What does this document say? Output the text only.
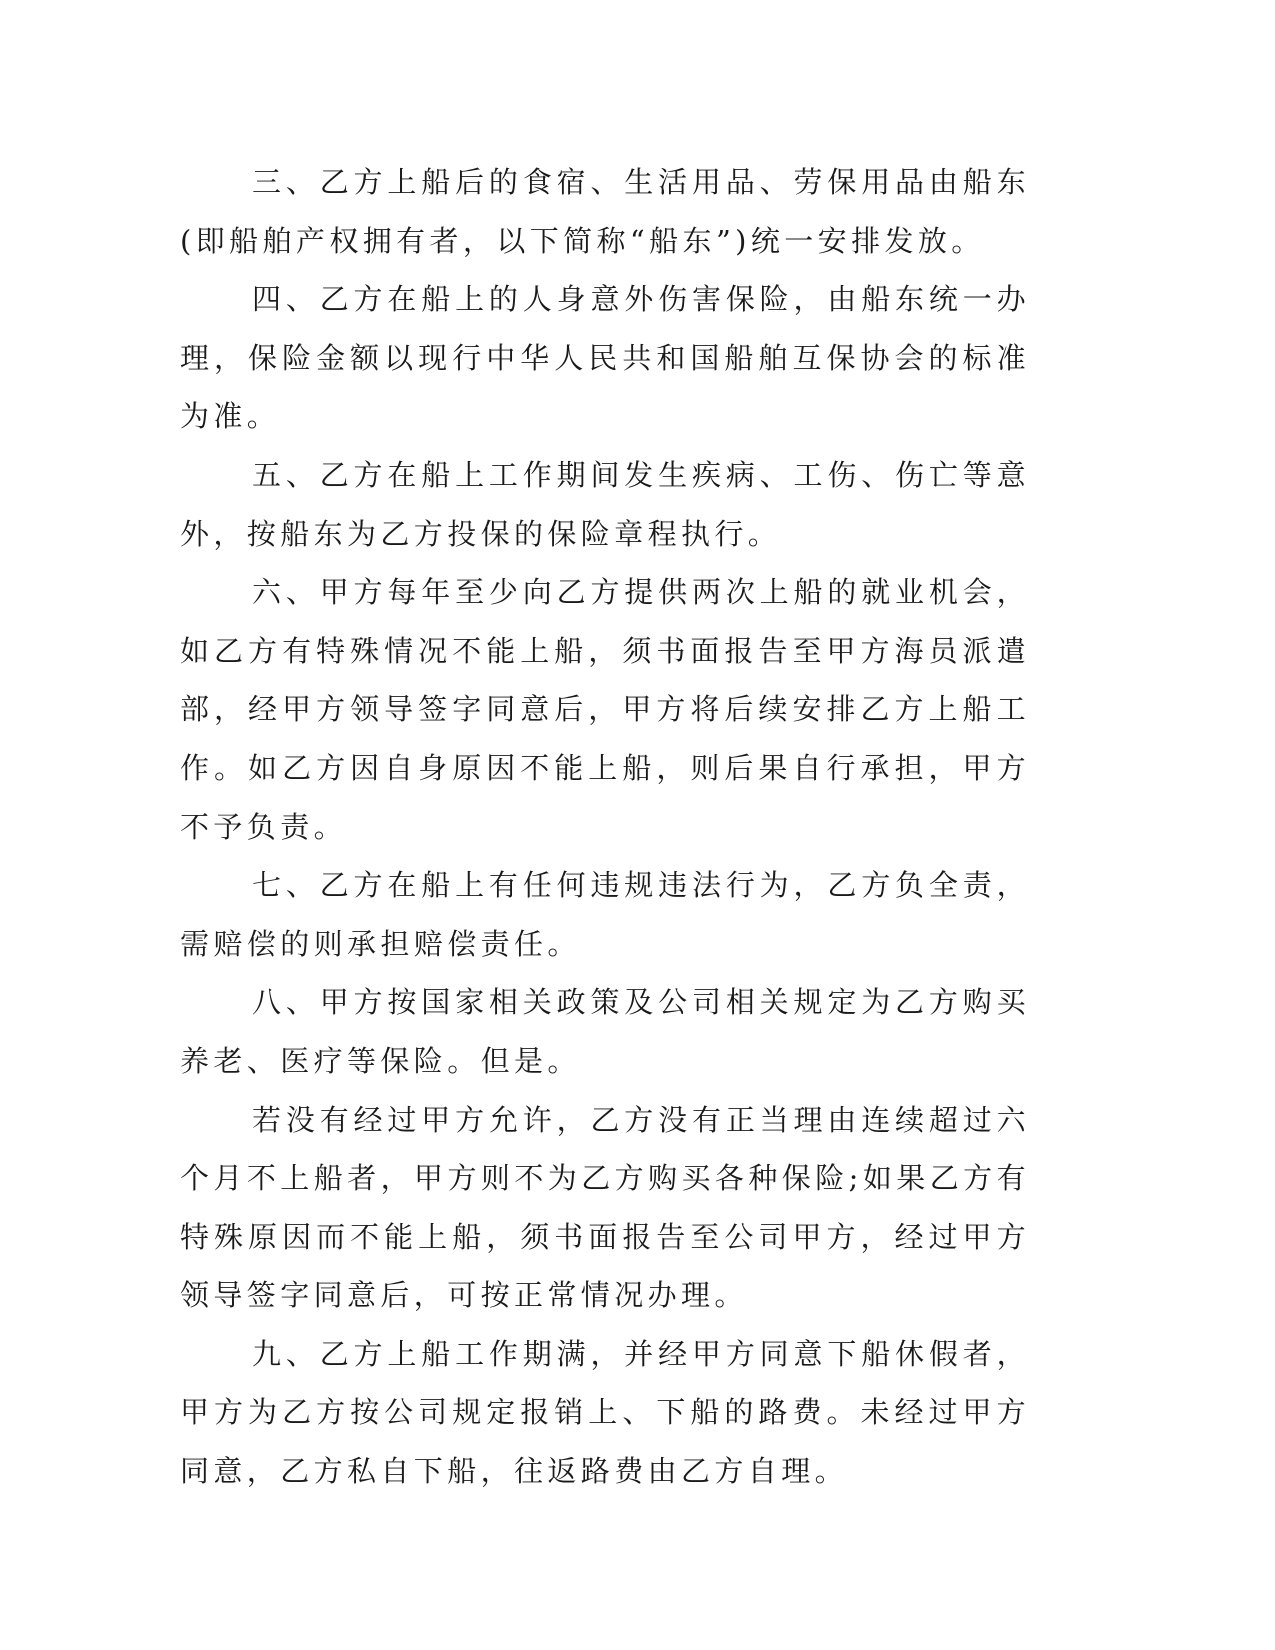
三、乙方上船后的食宿、生活用品、劳保用品由船东(即船舶产权拥有者，以下简称“船东”)统一安排发放。

四、乙方在船上的人身意外伤害保险，由船东统一办理，保险金额以现行中华人民共和国船舶互保协会的标准为准。

五、乙方在船上工作期间发生疾病、工伤、伤亡等意外，按船东为乙方投保的保险章程执行。

六、甲方每年至少向乙方提供两次上船的就业机会，如乙方有特殊情况不能上船，须书面报告至甲方海员派遣部，经甲方领导签字同意后，甲方将后续安排乙方上船工作。如乙方因自身原因不能上船，则后果自行承担，甲方不予负责。

七、乙方在船上有任何违规违法行为，乙方负全责，需赔偿的则承担赔偿责任。

八、甲方按国家相关政策及公司相关规定为乙方购买养老、医疗等保险。但是。

若没有经过甲方允许，乙方没有正当理由连续超过六个月不上船者，甲方则不为乙方购买各种保险;如果乙方有特殊原因而不能上船，须书面报告至公司甲方，经过甲方领导签字同意后，可按正常情况办理。

九、乙方上船工作期满，并经甲方同意下船休假者，甲方为乙方按公司规定报销上、下船的路费。未经过甲方同意，乙方私自下船，往返路费由乙方自理。
